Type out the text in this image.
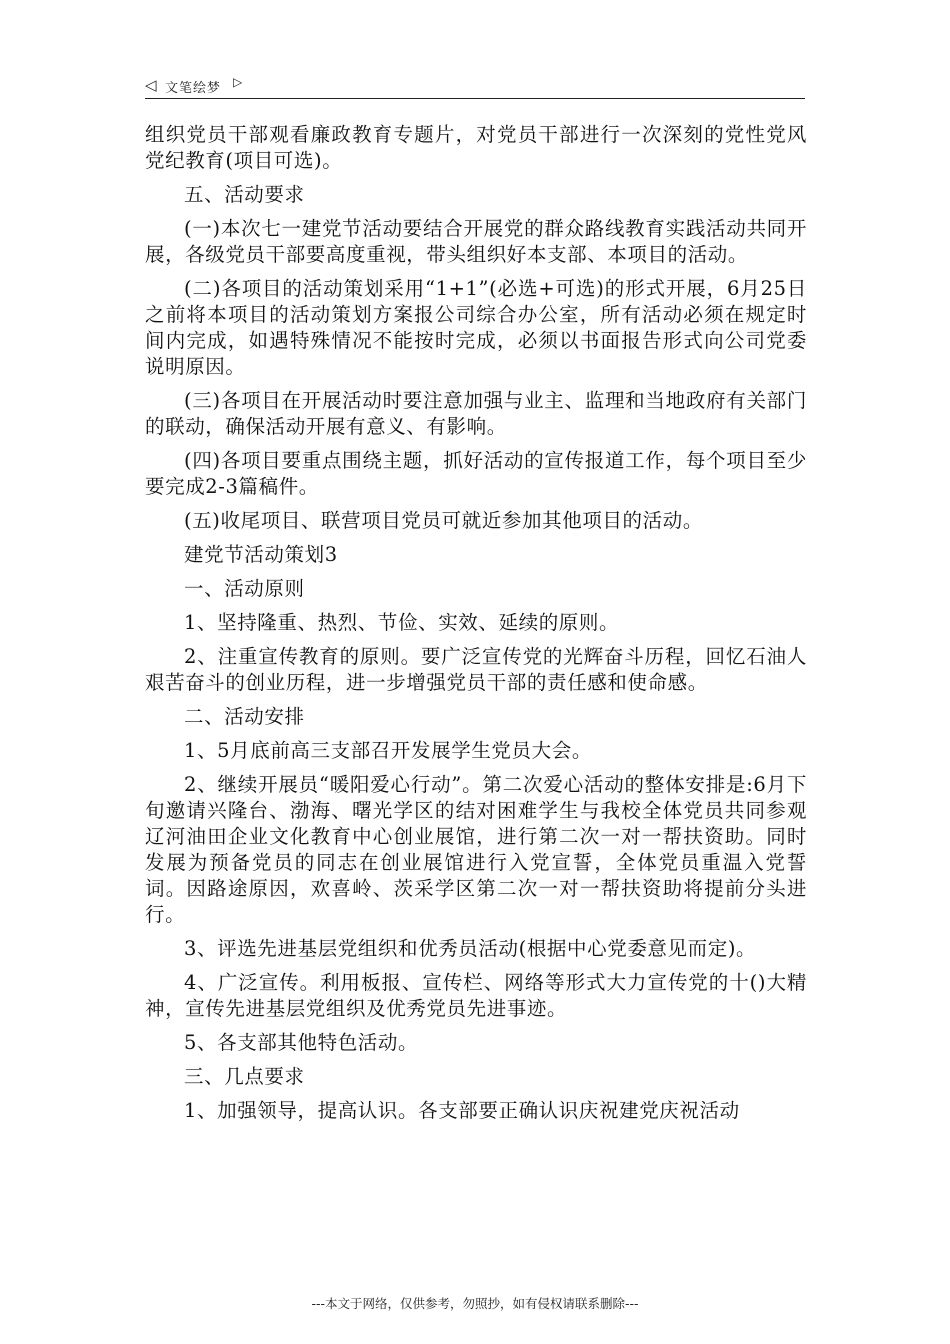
◁ 文笔绘梦 ▷

组织党员干部观看廉政教育专题片，对党员干部进行一次深刻的党性党风党纪教育(项目可选)。

五、活动要求

(一)本次七一建党节活动要结合开展党的群众路线教育实践活动共同开展，各级党员干部要高度重视，带头组织好本支部、本项目的活动。

(二)各项目的活动策划采用“1+1”(必选+可选)的形式开展，6月25日之前将本项目的活动策划方案报公司综合办公室，所有活动必须在规定时间内完成，如遇特殊情况不能按时完成，必须以书面报告形式向公司党委说明原因。

(三)各项目在开展活动时要注意加强与业主、监理和当地政府有关部门的联动，确保活动开展有意义、有影响。

(四)各项目要重点围绕主题，抓好活动的宣传报道工作，每个项目至少要完成2-3篇稿件。

(五)收尾项目、联营项目党员可就近参加其他项目的活动。

建党节活动策划3

一、活动原则

1、坚持隆重、热烈、节俭、实效、延续的原则。

2、注重宣传教育的原则。要广泛宣传党的光辉奋斗历程，回忆石油人艰苦奋斗的创业历程，进一步增强党员干部的责任感和使命感。

二、活动安排

1、5月底前高三支部召开发展学生党员大会。

2、继续开展员“暖阳爱心行动”。第二次爱心活动的整体安排是:6月下旬邀请兴隆台、渤海、曙光学区的结对困难学生与我校全体党员共同参观辽河油田企业文化教育中心创业展馆，进行第二次一对一帮扶资助。同时发展为预备党员的同志在创业展馆进行入党宣誓，全体党员重温入党誓词。因路途原因，欢喜岭、茨采学区第二次一对一帮扶资助将提前分头进行。

3、评选先进基层党组织和优秀员活动(根据中心党委意见而定)。

4、广泛宣传。利用板报、宣传栏、网络等形式大力宣传党的十()大精神，宣传先进基层党组织及优秀党员先进事迹。

5、各支部其他特色活动。

三、几点要求

1、加强领导，提高认识。各支部要正确认识庆祝建党庆祝活动

---本文于网络，仅供参考，勿照抄，如有侵权请联系删除---
